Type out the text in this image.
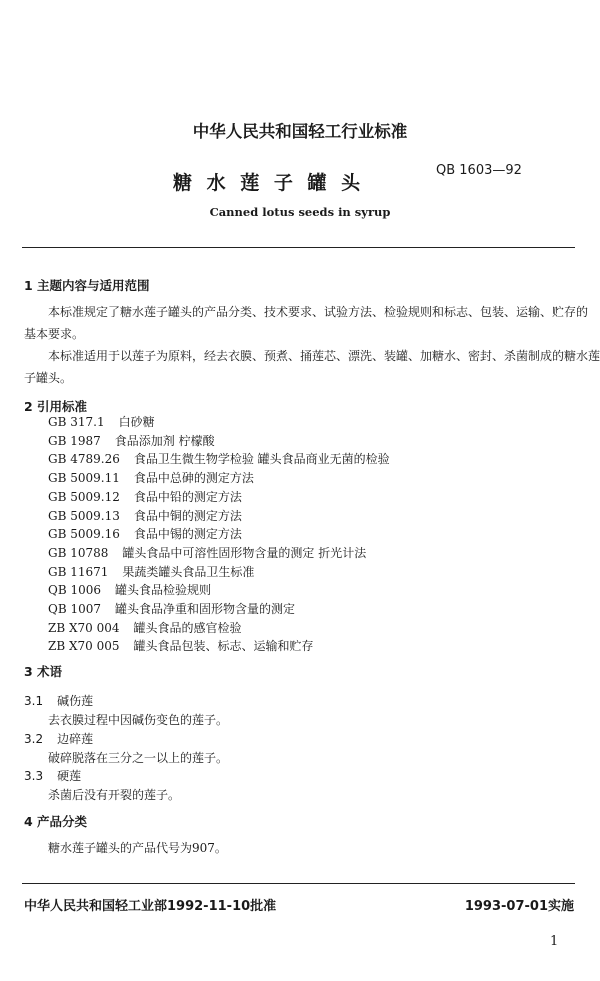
中华人民共和国轻工行业标准
糖 水 莲 子 罐 头
QB 1603—92
Canned lotus seeds in syrup
1 主题内容与适用范围
本标准规定了糖水莲子罐头的产品分类、技术要求、试验方法、检验规则和标志、包装、运输、贮存的
基本要求。
本标准适用于以莲子为原料，经去衣膜、预煮、捅莲芯、漂洗、装罐、加糖水、密封、杀菌制成的糖水莲
子罐头。
2 引用标准
GB 317.1 白砂糖
GB 1987 食品添加剂 柠檬酸
GB 4789.26 食品卫生微生物学检验 罐头食品商业无菌的检验
GB 5009.11 食品中总砷的测定方法
GB 5009.12 食品中铅的测定方法
GB 5009.13 食品中铜的测定方法
GB 5009.16 食品中锡的测定方法
GB 10788 罐头食品中可溶性固形物含量的测定 折光计法
GB 11671 果蔬类罐头食品卫生标准
QB 1006 罐头食品检验规则
QB 1007 罐头食品净重和固形物含量的测定
ZB X70 004 罐头食品的感官检验
ZB X70 005 罐头食品包装、标志、运输和贮存
3 术语
3.1 碱伤莲
去衣膜过程中因碱伤变色的莲子。
3.2 边碎莲
破碎脱落在三分之一以上的莲子。
3.3 硬莲
杀菌后没有开裂的莲子。
4 产品分类
糖水莲子罐头的产品代号为907。
中华人民共和国轻工业部1992-11-10批准	1993-07-01实施
1
